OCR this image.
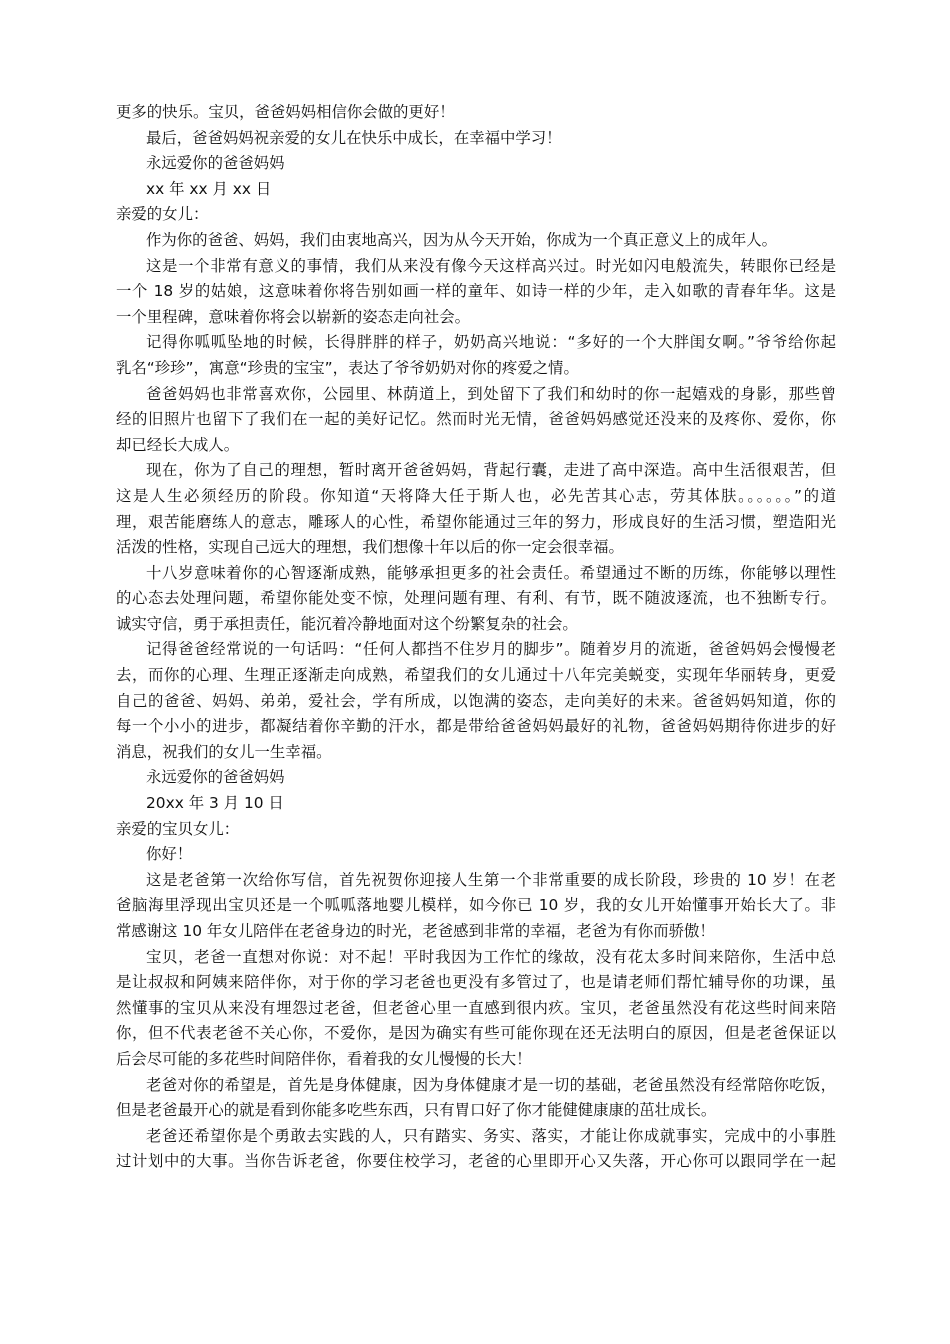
更多的快乐。宝贝，爸爸妈妈相信你会做的更好！
最后，爸爸妈妈祝亲爱的女儿在快乐中成长，在幸福中学习！
永远爱你的爸爸妈妈
xx 年 xx 月 xx 日
亲爱的女儿：
作为你的爸爸、妈妈，我们由衷地高兴，因为从今天开始，你成为一个真正意义上的成年人。
这是一个非常有意义的事情，我们从来没有像今天这样高兴过。时光如闪电般流失，转眼你已经是
一个 18 岁的姑娘，这意味着你将告别如画一样的童年、如诗一样的少年，走入如歌的青春年华。这是
一个里程碑，意味着你将会以崭新的姿态走向社会。
记得你呱呱坠地的时候，长得胖胖的样子，奶奶高兴地说：“多好的一个大胖闺女啊。”爷爷给你起
乳名“珍珍”，寓意“珍贵的宝宝”，表达了爷爷奶奶对你的疼爱之情。
爸爸妈妈也非常喜欢你，公园里、林荫道上，到处留下了我们和幼时的你一起嬉戏的身影，那些曾
经的旧照片也留下了我们在一起的美好记忆。然而时光无情，爸爸妈妈感觉还没来的及疼你、爱你，你
却已经长大成人。
现在，你为了自己的理想，暂时离开爸爸妈妈，背起行囊，走进了高中深造。高中生活很艰苦，但
这是人生必须经历的阶段。你知道“天将降大任于斯人也，必先苦其心志，劳其体肤。。。。。。”的道
理，艰苦能磨练人的意志，雕琢人的心性，希望你能通过三年的努力，形成良好的生活习惯，塑造阳光
活泼的性格，实现自己远大的理想，我们想像十年以后的你一定会很幸福。
十八岁意味着你的心智逐渐成熟，能够承担更多的社会责任。希望通过不断的历练，你能够以理性
的心态去处理问题，希望你能处变不惊，处理问题有理、有利、有节，既不随波逐流，也不独断专行。
诚实守信，勇于承担责任，能沉着冷静地面对这个纷繁复杂的社会。
记得爸爸经常说的一句话吗：“任何人都挡不住岁月的脚步”。随着岁月的流逝，爸爸妈妈会慢慢老
去，而你的心理、生理正逐渐走向成熟，希望我们的女儿通过十八年完美蜕变，实现年华丽转身，更爱
自己的爸爸、妈妈、弟弟，爱社会，学有所成，以饱满的姿态，走向美好的未来。爸爸妈妈知道，你的
每一个小小的进步，都凝结着你辛勤的汗水，都是带给爸爸妈妈最好的礼物，爸爸妈妈期待你进步的好
消息，祝我们的女儿一生幸福。
永远爱你的爸爸妈妈
20xx 年 3 月 10 日
亲爱的宝贝女儿：
你好！
这是老爸第一次给你写信，首先祝贺你迎接人生第一个非常重要的成长阶段，珍贵的 10 岁！在老
爸脑海里浮现出宝贝还是一个呱呱落地婴儿模样，如今你已 10 岁，我的女儿开始懂事开始长大了。非
常感谢这 10 年女儿陪伴在老爸身边的时光，老爸感到非常的幸福，老爸为有你而骄傲！
宝贝，老爸一直想对你说：对不起！平时我因为工作忙的缘故，没有花太多时间来陪你，生活中总
是让叔叔和阿姨来陪伴你，对于你的学习老爸也更没有多管过了，也是请老师们帮忙辅导你的功课，虽
然懂事的宝贝从来没有埋怨过老爸，但老爸心里一直感到很内疚。宝贝，老爸虽然没有花这些时间来陪
你，但不代表老爸不关心你，不爱你，是因为确实有些可能你现在还无法明白的原因，但是老爸保证以
后会尽可能的多花些时间陪伴你，看着我的女儿慢慢的长大！
老爸对你的希望是，首先是身体健康，因为身体健康才是一切的基础，老爸虽然没有经常陪你吃饭，
但是老爸最开心的就是看到你能多吃些东西，只有胃口好了你才能健健康康的茁壮成长。
老爸还希望你是个勇敢去实践的人，只有踏实、务实、落实，才能让你成就事实，完成中的小事胜
过计划中的大事。当你告诉老爸，你要住校学习，老爸的心里即开心又失落，开心你可以跟同学在一起
